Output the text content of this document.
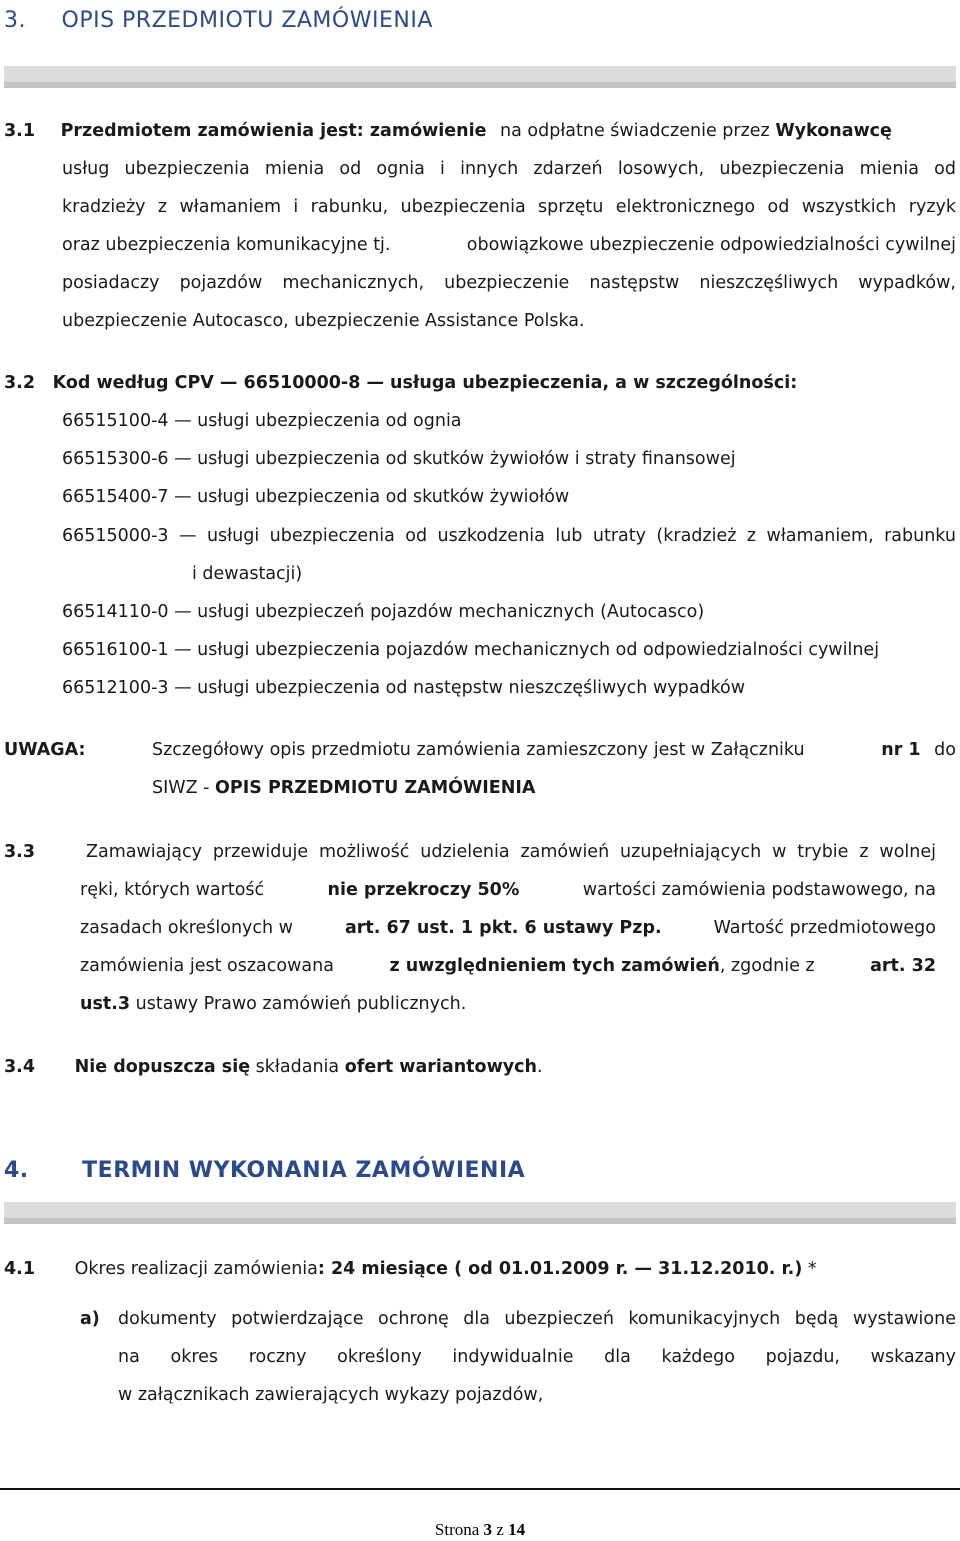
3. OPIS PRZEDMIOTU ZAMÓWIENIA
3.1 Przedmiotem zamówienia jest: zamówienie na odpłatne świadczenie przez Wykonawcę
usług ubezpieczenia mienia od ognia i innych zdarzeń losowych, ubezpieczenia mienia od
kradzieży z włamaniem i rabunku, ubezpieczenia sprzętu elektronicznego od wszystkich ryzyk
oraz ubezpieczenia komunikacyjne tj.	obowiązkowe ubezpieczenie odpowiedzialności cywilnej
posiadaczy pojazdów mechanicznych, ubezpieczenie następstw nieszczęśliwych wypadków,
ubezpieczenie Autocasco, ubezpieczenie Assistance Polska.
3.2 Kod według CPV — 66510000-8 — usługa ubezpieczenia, a w szczególności:
66515100-4 — usługi ubezpieczenia od ognia
66515300-6 — usługi ubezpieczenia od skutków żywiołów i straty finansowej
66515400-7 — usługi ubezpieczenia od skutków żywiołów
66515000-3 — usługi ubezpieczenia od uszkodzenia lub utraty (kradzież z włamaniem, rabunku
i dewastacji)
66514110-0 — usługi ubezpieczeń pojazdów mechanicznych (Autocasco)
66516100-1 — usługi ubezpieczenia pojazdów mechanicznych od odpowiedzialności cywilnej
66512100-3 — usługi ubezpieczenia od następstw nieszczęśliwych wypadków
UWAGA:	Szczegółowy opis przedmiotu zamówienia zamieszczony jest w Załączniku	nr 1 do
SIWZ - OPIS PRZEDMIOTU ZAMÓWIENIA
3.3	Zamawiający przewiduje możliwość udzielenia zamówień uzupełniających w trybie z wolnej
ręki, których wartość	nie przekroczy 50%	wartości zamówienia podstawowego, na
zasadach określonych w	art. 67 ust. 1 pkt. 6 ustawy Pzp.	Wartość przedmiotowego
zamówienia jest oszacowana	z uwzględnieniem tych zamówień, zgodnie z	art. 32
ust.3 ustawy Prawo zamówień publicznych.
3.4 Nie dopuszcza się składania ofert wariantowych.
4. TERMIN WYKONANIA ZAMÓWIENIA
4.1 Okres realizacji zamówienia: 24 miesiące ( od 01.01.2009 r. — 31.12.2010. r.) *
a) dokumenty potwierdzające ochronę dla ubezpieczeń komunikacyjnych będą wystawione
na okres roczny określony indywidualnie dla każdego pojazdu, wskazany
w załącznikach zawierających wykazy pojazdów,
Strona 3 z 14
